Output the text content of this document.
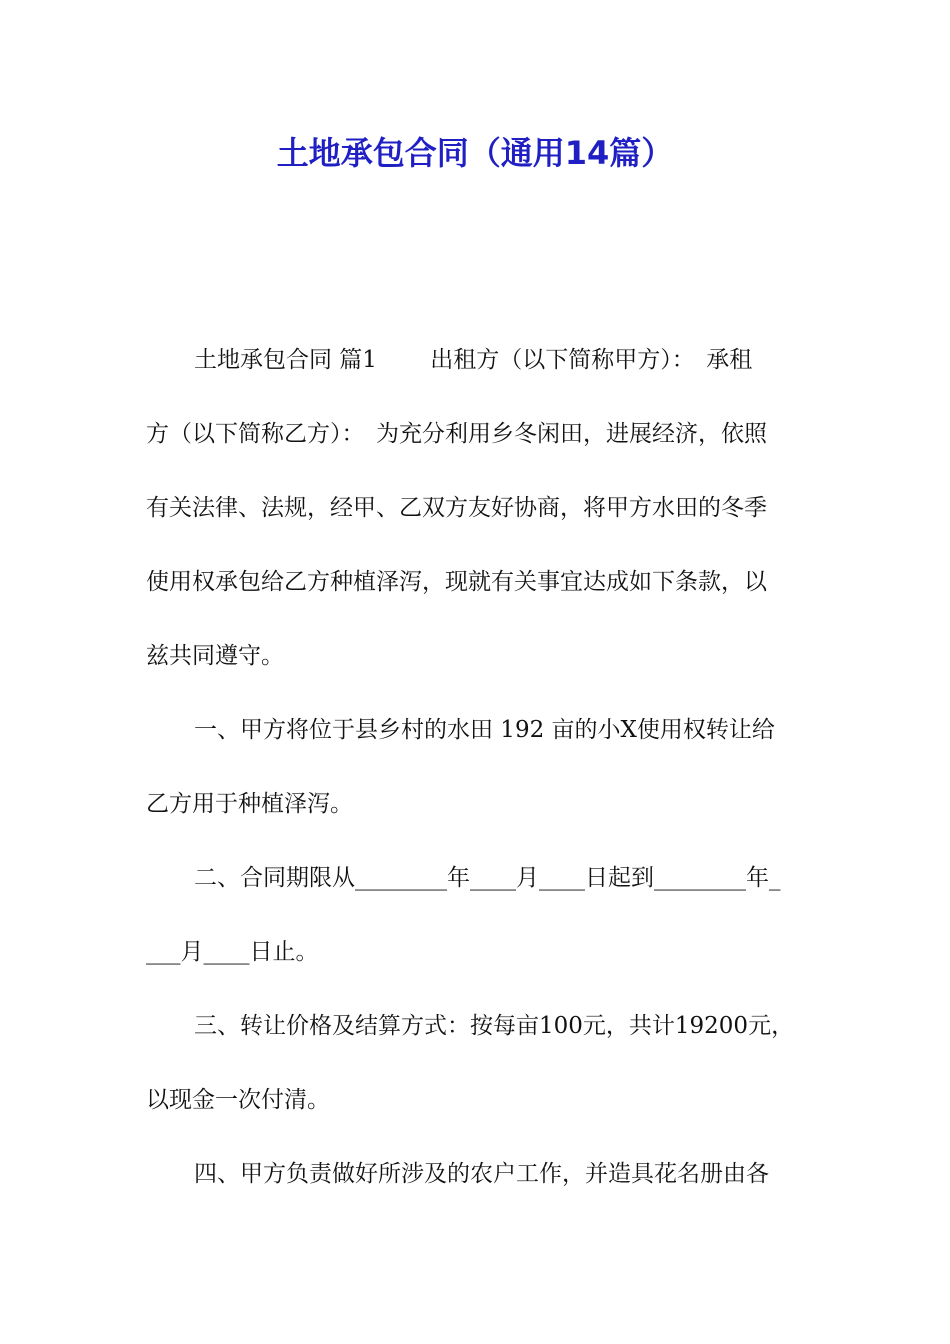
土地承包合同（通用14篇）
土地承包合同 篇1　　 出租方（以下简称甲方）：　承租
方（以下简称乙方）：　为充分利用乡冬闲田，进展经济，依照
有关法律、法规，经甲、乙双方友好协商，将甲方水田的冬季
使用权承包给乙方种植泽泻，现就有关事宜达成如下条款，以
兹共同遵守。
一、甲方将位于县乡村的水田 192 亩的小X使用权转让给
乙方用于种植泽泻。
二、合同期限从________年____月____日起到________年_
___月____日止。
三、转让价格及结算方式：按每亩100元，共计19200元，
以现金一次付清。
四、甲方负责做好所涉及的农户工作，并造具花名册由各
